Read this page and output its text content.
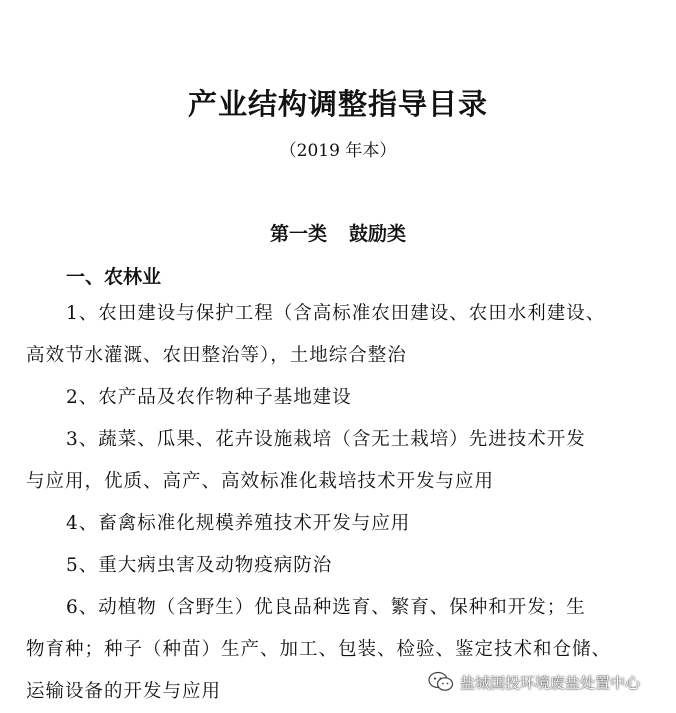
产业结构调整指导目录
（2019 年本）
第一类 鼓励类
一、农林业
1、农田建设与保护工程（含高标准农田建设、农田水利建设、
高效节水灌溉、农田整治等），土地综合整治
2、农产品及农作物种子基地建设
3、蔬菜、瓜果、花卉设施栽培（含无土栽培）先进技术开发
与应用，优质、高产、高效标准化栽培技术开发与应用
4、畜禽标准化规模养殖技术开发与应用
5、重大病虫害及动物疫病防治
6、动植物（含野生）优良品种选育、繁育、保种和开发；生
物育种；种子（种苗）生产、加工、包装、检验、鉴定技术和仓储、
运输设备的开发与应用	盐城国投环境废盐处置中心
